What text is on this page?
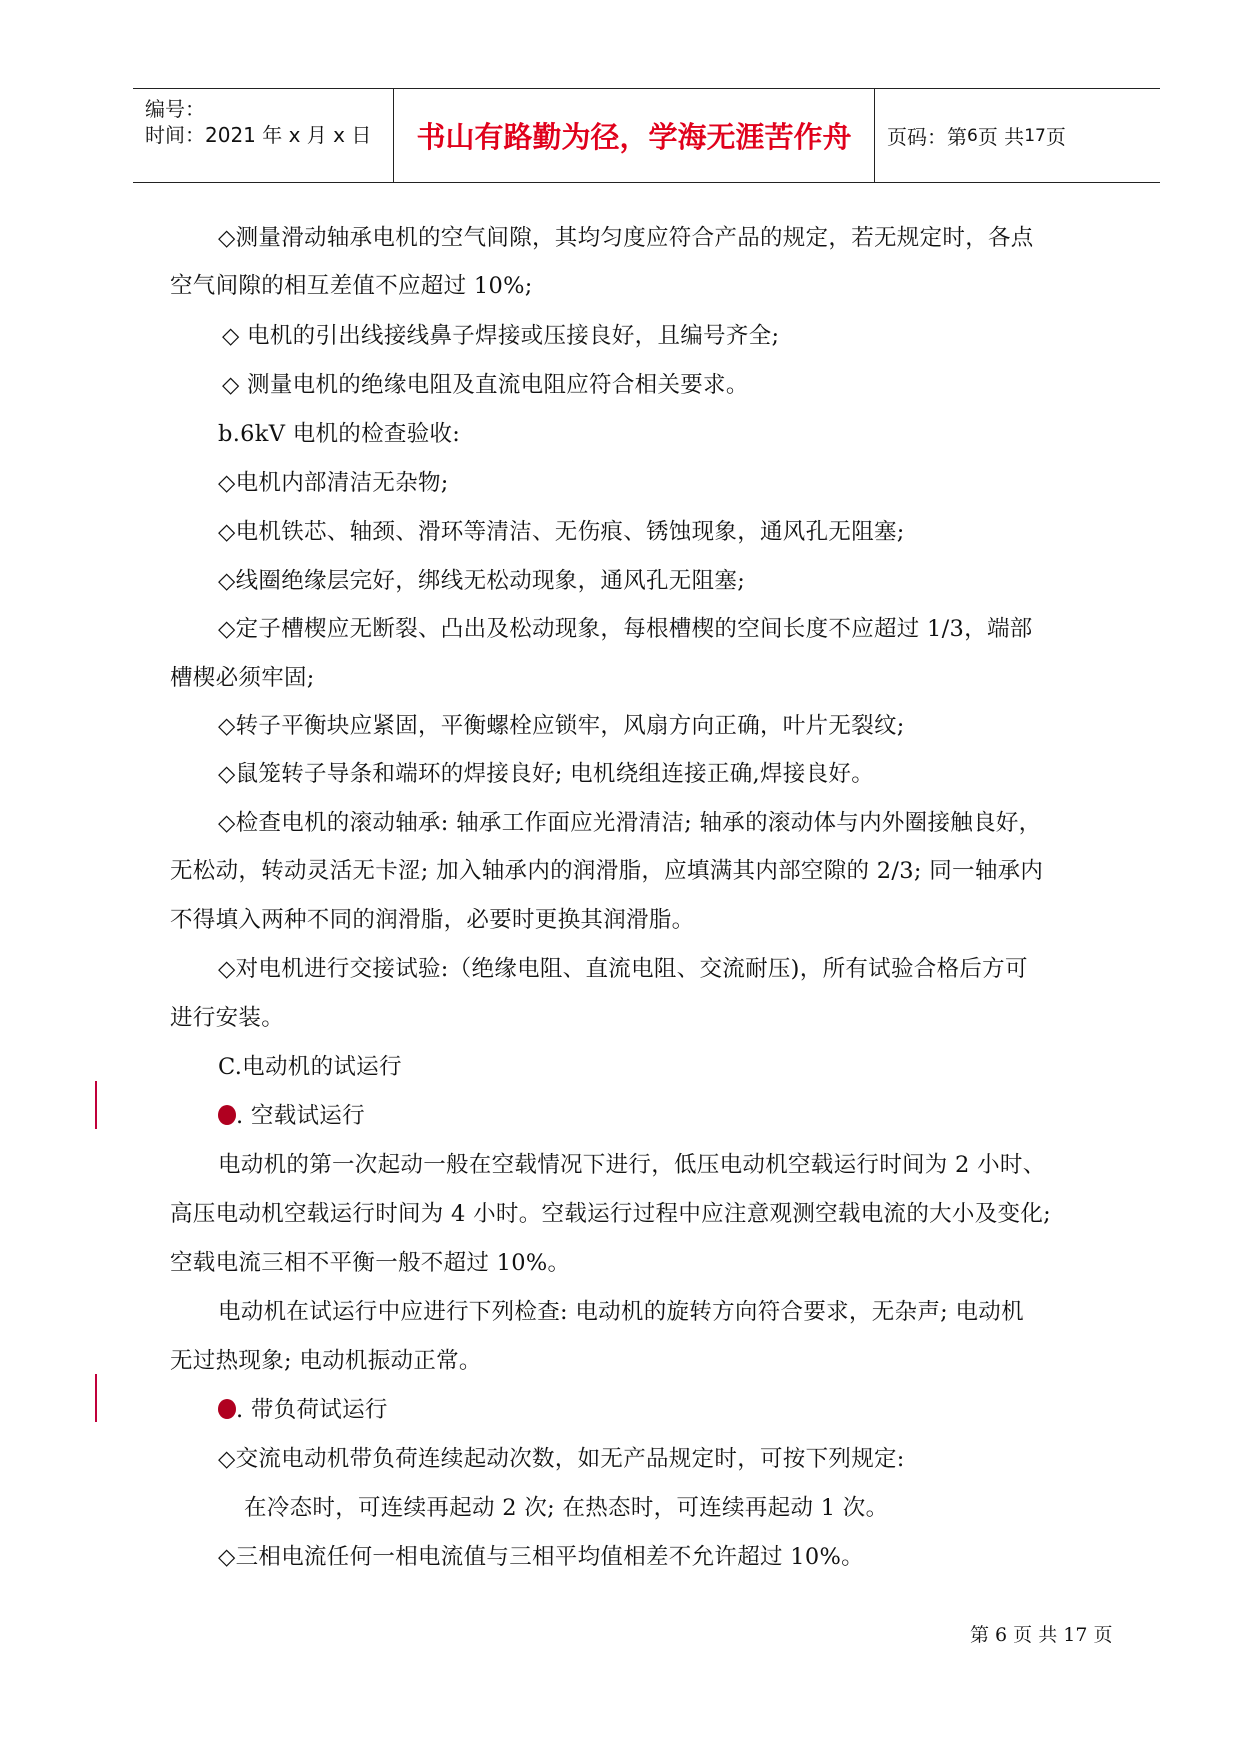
编号：
时间：2021 年 x 月 x 日	书山有路勤为径，学海无涯苦作舟	页码：第 6 页 共 17 页
◇测量滑动轴承电机的空气间隙，其均匀度应符合产品的规定，若无规定时，各点
空气间隙的相互差值不应超过 10%;
◇ 电机的引出线接线鼻子焊接或压接良好，且编号齐全;
◇ 测量电机的绝缘电阻及直流电阻应符合相关要求。
b.6kV 电机的检查验收:
◇电机内部清洁无杂物;
◇电机铁芯、轴颈、滑环等清洁、无伤痕、锈蚀现象，通风孔无阻塞;
◇线圈绝缘层完好，绑线无松动现象，通风孔无阻塞;
◇定子槽楔应无断裂、凸出及松动现象，每根槽楔的空间长度不应超过 1/3，端部
槽楔必须牢固;
◇转子平衡块应紧固，平衡螺栓应锁牢，风扇方向正确，叶片无裂纹;
◇鼠笼转子导条和端环的焊接良好; 电机绕组连接正确,焊接良好。
◇检查电机的滚动轴承: 轴承工作面应光滑清洁; 轴承的滚动体与内外圈接触良好，
无松动，转动灵活无卡涩; 加入轴承内的润滑脂，应填满其内部空隙的 2/3; 同一轴承内
不得填入两种不同的润滑脂，必要时更换其润滑脂。
◇对电机进行交接试验:（绝缘电阻、直流电阻、交流耐压)，所有试验合格后方可
进行安装。
C.电动机的试运行
. 空载试运行
电动机的第一次起动一般在空载情况下进行，低压电动机空载运行时间为 2 小时、
高压电动机空载运行时间为 4 小时。空载运行过程中应注意观测空载电流的大小及变化;
空载电流三相不平衡一般不超过 10%。
电动机在试运行中应进行下列检查: 电动机的旋转方向符合要求，无杂声; 电动机
无过热现象; 电动机振动正常。
. 带负荷试运行
◇交流电动机带负荷连续起动次数，如无产品规定时，可按下列规定:
在冷态时，可连续再起动 2 次; 在热态时，可连续再起动 1 次。
◇三相电流任何一相电流值与三相平均值相差不允许超过 10%。
第 6 页 共 17 页
